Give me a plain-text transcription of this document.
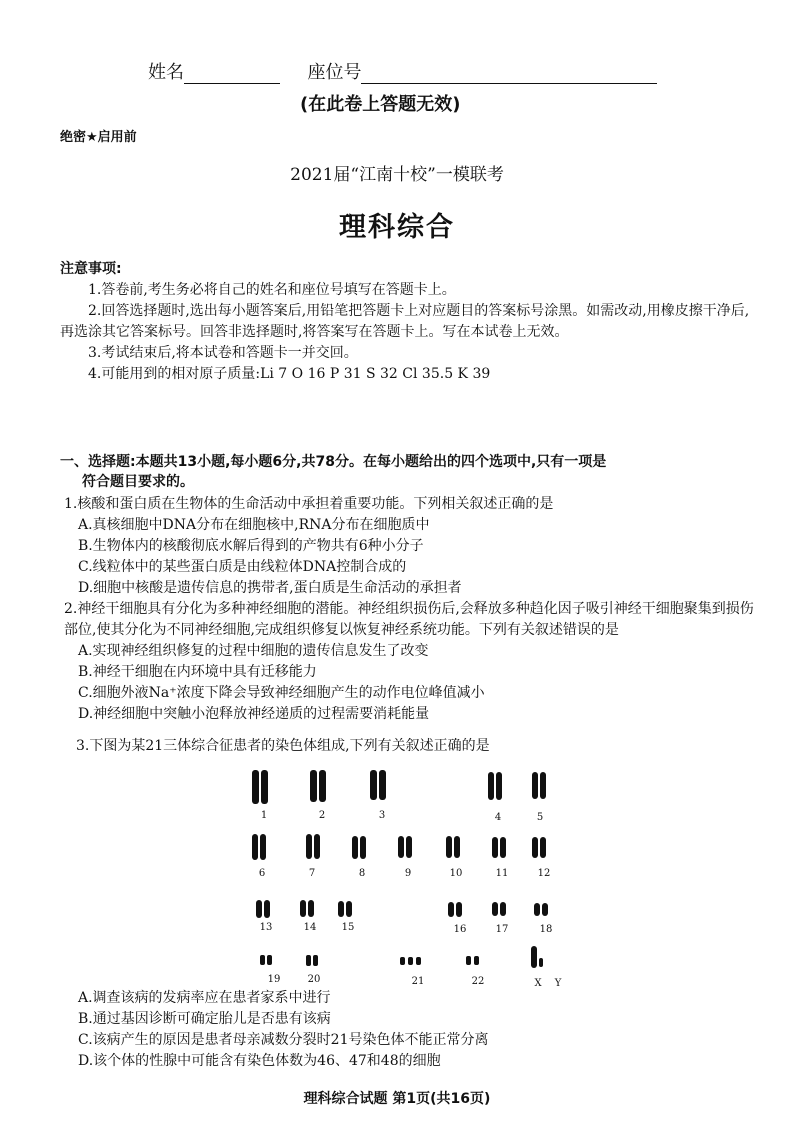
姓名	座位号
(在此卷上答题无效)
绝密★启用前
2021届“江南十校”一模联考
理科综合
注意事项:

1.答卷前,考生务必将自己的姓名和座位号填写在答题卡上。

2.回答选择题时,选出每小题答案后,用铅笔把答题卡上对应题目的答案标号涂黑。如需改动,用橡皮擦干净后,再选涂其它答案标号。回答非选择题时,将答案写在答题卡上。写在本试卷上无效。

3.考试结束后,将本试卷和答题卡一并交回。

4.可能用到的相对原子质量:Li 7 O 16 P 31 S 32 Cl 35.5 K 39

一、选择题:本题共13小题,每小题6分,共78分。在每小题给出的四个选项中,只有一项是
符合题目要求的。

1.核酸和蛋白质在生物体的生命活动中承担着重要功能。下列相关叙述正确的是

A.真核细胞中DNA分布在细胞核中,RNA分布在细胞质中

B.生物体内的核酸彻底水解后得到的产物共有6种小分子

C.线粒体中的某些蛋白质是由线粒体DNA控制合成的

D.细胞中核酸是遗传信息的携带者,蛋白质是生命活动的承担者

2.神经干细胞具有分化为多种神经细胞的潜能。神经组织损伤后,会释放多种趋化因子吸引神经干细胞聚集到损伤部位,使其分化为不同神经细胞,完成组织修复以恢复神经系统功能。下列有关叙述错误的是

A.实现神经组织修复的过程中细胞的遗传信息发生了改变

B.神经干细胞在内环境中具有迁移能力

C.细胞外液Na⁺浓度下降会导致神经细胞产生的动作电位峰值减小

D.神经细胞中突触小泡释放神经递质的过程需要消耗能量

3.下图为某21三体综合征患者的染色体组成,下列有关叙述正确的是

1	2	3	4	5
6	7	8	9	10	11	12
13	14	15	16	17	18
19	20	21	22	X Y

A.调查该病的发病率应在患者家系中进行

B.通过基因诊断可确定胎儿是否患有该病

C.该病产生的原因是患者母亲减数分裂时21号染色体不能正常分离

D.该个体的性腺中可能含有染色体数为46、47和48的细胞

理科综合试题 第1页(共16页)
